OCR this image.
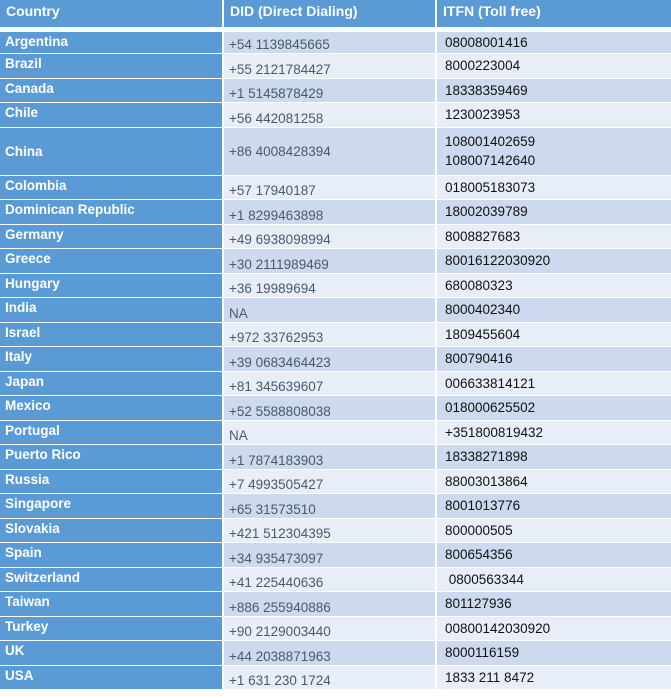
Country	DID (Direct Dialing)	ITFN (Toll free)
Argentina	+54 1139845665	08008001416

Brazil	+55 2121784427	8000223004

Canada	+1 5145878429	18338359469

Chile	+56 442081258	1230023953

China	+86 4008428394	108001402659
108007142640

Colombia	+57 17940187	018005183073

Dominican Republic	+1 8299463898	18002039789

Germany	+49 6938098994	8008827683

Greece	+30 2111989469	80016122030920

Hungary	+36 19989694	680080323

India	NA	8000402340

Israel	+972 33762953	1809455604

Italy	+39 0683464423	800790416

Japan	+81 345639607	006633814121

Mexico	+52 5588808038	018000625502

Portugal	NA	+351800819432

Puerto Rico	+1 7874183903	18338271898

Russia	+7 4993505427	88003013864

Singapore	+65 31573510	8001013776

Slovakia	+421 512304395	800000505

Spain	+34 935473097	800654356

Switzerland	+41 225440636	0800563344

Taiwan	+886 255940886	801127936

Turkey	+90 2129003440	00800142030920

UK	+44 2038871963	8000116159

USA	+1 631 230 1724	1833 211 8472
